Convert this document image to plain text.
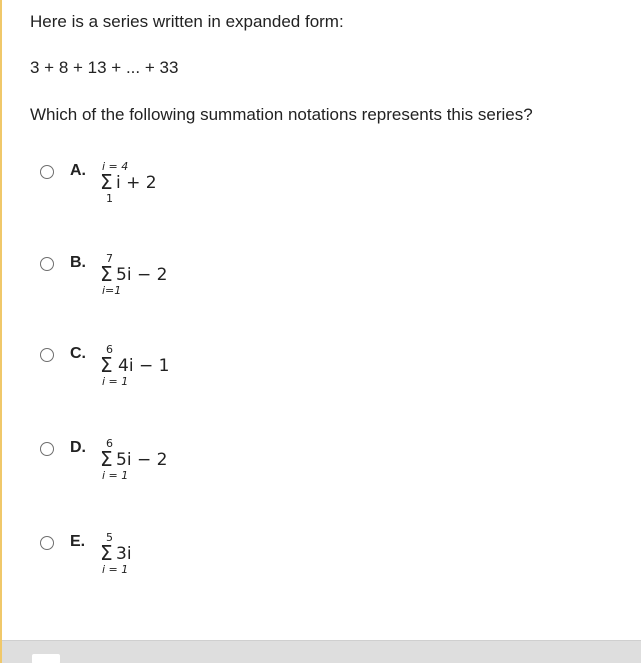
Here is a series written in expanded form:
3 + 8 + 13 + ... + 33
Which of the following summation notations represents this series?
A. i = 4
Σ i + 2
1
B. 7
Σ 5i − 2
i=1
C. 6
Σ 4i − 1
i = 1
D. 6
Σ 5i − 2
i = 1
E. 5
Σ 3i
i = 1
